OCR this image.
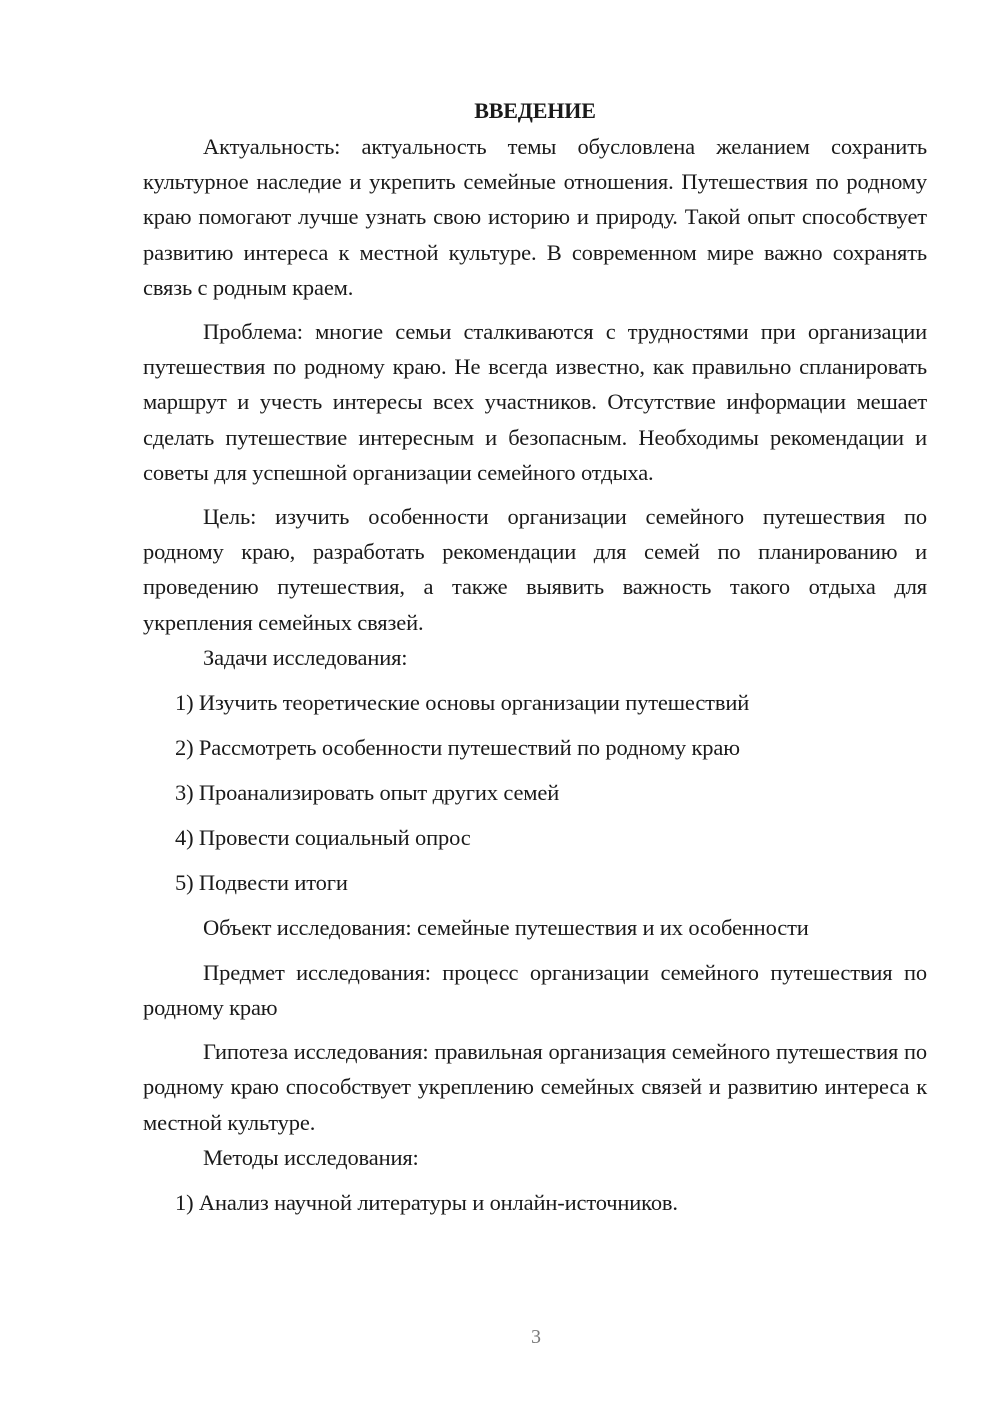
ВВЕДЕНИЕ

Актуальность: актуальность темы обусловлена желанием сохранить культурное наследие и укрепить семейные отношения. Путешествия по родному краю помогают лучше узнать свою историю и природу. Такой опыт способствует развитию интереса к местной культуре. В современном мире важно сохранять связь с родным краем.

Проблема: многие семьи сталкиваются с трудностями при организации путешествия по родному краю. Не всегда известно, как правильно спланировать маршрут и учесть интересы всех участников. Отсутствие информации мешает сделать путешествие интересным и безопасным. Необходимы рекомендации и советы для успешной организации семейного отдыха.

Цель: изучить особенности организации семейного путешествия по родному краю, разработать рекомендации для семей по планированию и проведению путешествия, а также выявить важность такого отдыха для укрепления семейных связей.

Задачи исследования:

1) Изучить теоретические основы организации путешествий

2) Рассмотреть особенности путешествий по родному краю

3) Проанализировать опыт других семей

4) Провести социальный опрос

5) Подвести итоги

Объект исследования: семейные путешествия и их особенности

Предмет исследования: процесс организации семейного путешествия по родному краю

Гипотеза исследования: правильная организация семейного путешествия по родному краю способствует укреплению семейных связей и развитию интереса к местной культуре.

Методы исследования:

1) Анализ научной литературы и онлайн-источников.

3
